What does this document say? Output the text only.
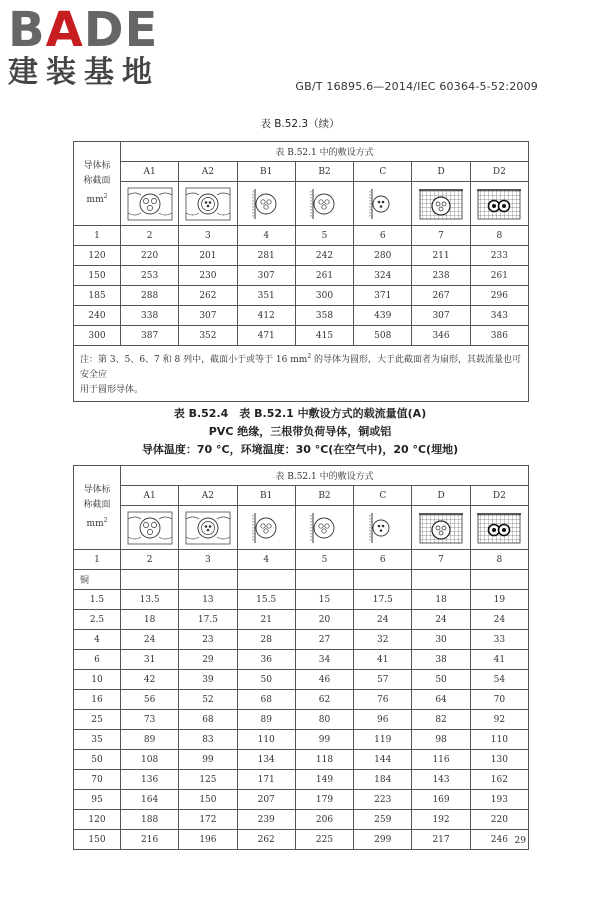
BADE
建装基地	GB/T 16895.6—2014/IEC 60364-5-52:2009
表 B.52.3（续）
导体标
称截面
$mm^2$	表 B.52.1 中的敷设方式						
	A1	A2	B1	B2	C	D	D2

1	2	3	4	5	6	7	8
120	220	201	281	242	280	211	233
150	253	230	307	261	324	238	261
185	288	262	351	300	371	267	296
240	338	307	412	358	439	307	343
300	387	352	471	415	508	346	386
注：第 3、5、6、7 和 8 列中，截面小于或等于 16 $mm^2$ 的导体为圆形，大于此截面者为扇形，其载流量也可安全应
用于圆形导体。							
表 B.52.4　表 B.52.1 中敷设方式的载流量值(A)
PVC 绝缘，三根带负荷导体，铜或铝
导体温度：70 °C，环境温度：30 °C(在空气中)，20 °C(埋地)
导体标
称截面
$mm^2$	表 B.52.1 中的敷设方式						
	A1	A2	B1	B2	C	D	D2

1	2	3	4	5	6	7	8
铜							
1.5	13.5	13	15.5	15	17.5	18	19
2.5	18	17.5	21	20	24	24	24
4	24	23	28	27	32	30	33
6	31	29	36	34	41	38	41
10	42	39	50	46	57	50	54
16	56	52	68	62	76	64	70
25	73	68	89	80	96	82	92
35	89	83	110	99	119	98	110
50	108	99	134	118	144	116	130
70	136	125	171	149	184	143	162
95	164	150	207	179	223	169	193
120	188	172	239	206	259	192	220
150	216	196	262	225	299	217	246 29
